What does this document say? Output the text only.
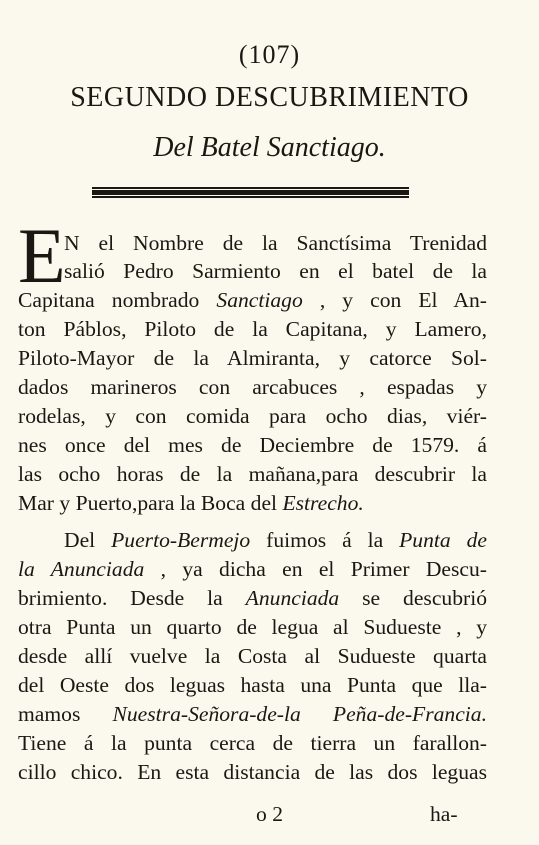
(107)
SEGUNDO DESCUBRIMIENTO
Del Batel Sanctiago.
E
N el Nombre de la Sanctísima Trenidad
salió Pedro Sarmiento en el batel de la
Capitana nombrado Sanctiago , y con El An-
ton Páblos, Piloto de la Capitana, y Lamero,
Piloto-Mayor de la Almiranta, y catorce Sol-
dados marineros con arcabuces , espadas y
rodelas, y con comida para ocho dias, viér-
nes once del mes de Deciembre de 1579. á
las ocho horas de la mañana,para descubrir la
Mar y Puerto,para la Boca del Estrecho.
Del Puerto-Bermejo fuimos á la Punta de
la Anunciada , ya dicha en el Primer Descu-
brimiento. Desde la Anunciada se descubrió
otra Punta un quarto de legua al Sudueste , y
desde allí vuelve la Costa al Sudueste quarta
del Oeste dos leguas hasta una Punta que lla-
mamos Nuestra-Señora-de-la Peña-de-Francia.
Tiene á la punta cerca de tierra un farallon-
cillo chico. En esta distancia de las dos leguas
o 2	ha-
